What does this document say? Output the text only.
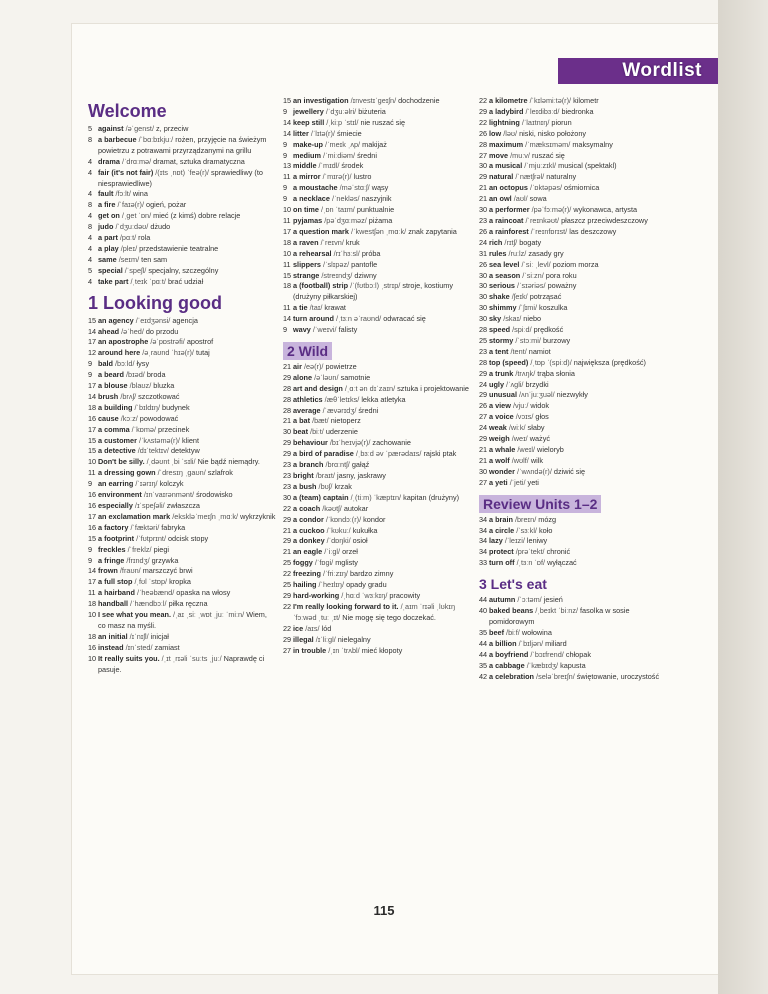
Wordlist
Welcome

5 against /əˈgenst/ z, przeciw

8 a barbecue /ˈbɑːbɪkjuː/ rożen, przyjęcie na świeżym powietrzu z potrawami przyrządzanymi na grillu

4 drama /ˈdrɑːmə/ dramat, sztuka dramatyczna

4 fair (it's not fair) /(ɪts ˌnɒt) ˈfeə(r)/ sprawiedliwy (to niesprawiedliwe)

4 fault /fɔːlt/ wina

8 a fire /ˈfaɪə(r)/ ogień, pożar

4 get on /ˌget ˈɒn/ mieć (z kimś) dobre relacje

8 judo /ˈdʒuːdəʊ/ dżudo

4 a part /pɑːt/ rola

4 a play /pleɪ/ przedstawienie teatralne

4 same /seɪm/ ten sam

5 special /ˈspeʃl/ specjalny, szczególny

4 take part /ˌteɪk ˈpɑːt/ brać udział

1 Looking good

15 an agency /ˈeɪdʒənsi/ agencja

14 ahead /əˈhed/ do przodu

17 an apostrophe /əˈpɒstrəfi/ apostrof

12 around here /əˌraʊnd ˈhɪə(r)/ tutaj

9 bald /bɔːld/ łysy

9 a beard /bɪəd/ broda

17 a blouse /blaʊz/ bluzka

14 brush /brʌʃ/ szczotkować

18 a building /ˈbɪldɪŋ/ budynek

16 cause /kɔːz/ powodować

17 a comma /ˈkɒmə/ przecinek

15 a customer /ˈkʌstəmə(r)/ klient

15 a detective /dɪˈtektɪv/ detektyw

10 Don't be silly. /ˌdəʊnt ˌbi ˈsɪli/ Nie bądź niemądry.

11 a dressing gown /ˈdresɪŋ ˌgaʊn/ szlafrok

9 an earring /ˈɪərɪŋ/ kolczyk

16 environment /ɪnˈvaɪrənmənt/ środowisko

16 especially /ɪˈspeʃəli/ zwłaszcza

17 an exclamation mark /ekskləˈmeɪʃn ˌmɑːk/ wykrzyknik

16 a factory /ˈfæktəri/ fabryka

15 a footprint /ˈfʊtprɪnt/ odcisk stopy

9 freckles /ˈfreklz/ piegi

9 a fringe /frɪndʒ/ grzywka

14 frown /fraʊn/ marszczyć brwi

17 a full stop /ˌfʊl ˈstɒp/ kropka

11 a hairband /ˈheəbænd/ opaska na włosy

18 handball /ˈhændbɔːl/ piłka ręczna

10 I see what you mean. /ˌaɪ ˌsiː ˌwɒt ˌjuː ˈmiːn/ Wiem, co masz na myśli.

18 an initial /ɪˈnɪʃl/ inicjał

16 instead /ɪnˈsted/ zamiast

10 It really suits you. /ˌɪt ˌrɪəli ˈsuːts ˌjuː/ Naprawdę ci pasuje.

15 an investigation /ɪnvestɪˈgeɪʃn/ dochodzenie

9 jewellery /ˈdʒuːəlri/ biżuteria

14 keep still /ˌkiːp ˈstɪl/ nie ruszać się

14 litter /ˈlɪtə(r)/ śmiecie

9 make-up /ˈmeɪk ˌʌp/ makijaż

9 medium /ˈmiːdiəm/ średni

13 middle /ˈmɪdl/ środek

11 a mirror /ˈmɪrə(r)/ lustro

9 a moustache /məˈstɑːʃ/ wąsy

9 a necklace /ˈnekləs/ naszyjnik

10 on time /ˌɒn ˈtaɪm/ punktualnie

11 pyjamas /pəˈdʒɑːməz/ piżama

17 a question mark /ˈkwestʃən ˌmɑːk/ znak zapytania

18 a raven /ˈreɪvn/ kruk

10 a rehearsal /rɪˈhɜːsl/ próba

11 slippers /ˈslɪpəz/ pantofle

15 strange /streɪndʒ/ dziwny

18 a (football) strip /ˈ(fʊtbɔːl) ˌstrɪp/ stroje, kostiumy (drużyny piłkarskiej)

11 a tie /taɪ/ krawat

14 turn around /ˌtɜːn əˈraʊnd/ odwracać się

9 wavy /ˈweɪvi/ falisty

2 Wild

21 air /eə(r)/ powietrze

29 alone /əˈləʊn/ samotnie

28 art and design /ˌɑːt ən dɪˈzaɪn/ sztuka i projektowanie

28 athletics /æθˈletɪks/ lekka atletyka

28 average /ˈævərɪdʒ/ średni

21 a bat /bæt/ nietoperz

30 beat /biːt/ uderzenie

29 behaviour /bɪˈheɪvjə(r)/ zachowanie

29 a bird of paradise /ˌbɜːd əv ˈpærədaɪs/ rajski ptak

23 a branch /brɑːntʃ/ gałąź

23 bright /braɪt/ jasny, jaskrawy

23 a bush /bʊʃ/ krzak

30 a (team) captain /ˌ(tiːm) ˈkæptɪn/ kapitan (drużyny)

22 a coach /kəʊtʃ/ autokar

29 a condor /ˈkɒndɔː(r)/ kondor

21 a cuckoo /ˈkʊkuː/ kukułka

29 a donkey /ˈdɒŋki/ osioł

21 an eagle /ˈiːgl/ orzeł

25 foggy /ˈfɒgi/ mglisty

22 freezing /ˈfriːzɪŋ/ bardzo zimny

25 hailing /ˈheɪlɪŋ/ opady gradu

29 hard-working /ˌhɑːd ˈwɜːkɪŋ/ pracowity

22 I'm really looking forward to it. /ˌaɪm ˈrɪəli ˌlʊkɪŋ ˈfɔːwəd ˌtuː ˌɪt/ Nie mogę się tego doczekać.

22 ice /aɪs/ lód

29 illegal /ɪˈliːgl/ nielegalny

27 in trouble /ˌɪn ˈtrʌbl/ mieć kłopoty

22 a kilometre /ˈkɪləmiːtə(r)/ kilometr

29 a ladybird /ˈleɪdibɜːd/ biedronka

22 lightning /ˈlaɪtnɪŋ/ piorun

26 low /ləʊ/ niski, nisko położony

28 maximum /ˈmæksɪməm/ maksymalny

27 move /muːv/ ruszać się

30 a musical /ˈmjuːzɪkl/ musical (spektakl)

29 natural /ˈnætʃrəl/ naturalny

21 an octopus /ˈɒktəpəs/ ośmiornica

21 an owl /aʊl/ sowa

30 a performer /pəˈfɔːmə(r)/ wykonawca, artysta

23 a raincoat /ˈreɪnkəʊt/ płaszcz przeciwdeszczowy

26 a rainforest /ˈreɪnfɒrɪst/ las deszczowy

24 rich /rɪtʃ/ bogaty

31 rules /ruːlz/ zasady gry

26 sea level /ˈsiː ˌlevl/ poziom morza

30 a season /ˈsiːzn/ pora roku

30 serious /ˈsɪəriəs/ poważny

30 shake /ʃeɪk/ potrząsać

30 shimmy /ˈʃɪmi/ koszulka

30 sky /skaɪ/ niebo

28 speed /spiːd/ prędkość

25 stormy /ˈstɔːmi/ burzowy

23 a tent /tent/ namiot

28 top (speed) /ˌtɒp ˈ(spiːd)/ największa (prędkość)

29 a trunk /trʌŋk/ trąba słonia

24 ugly /ˈʌgli/ brzydki

29 unusual /ʌnˈjuːʒuəl/ niezwykły

26 a view /vjuː/ widok

27 a voice /vɔɪs/ głos

24 weak /wiːk/ słaby

29 weigh /weɪ/ ważyć

21 a whale /weɪl/ wieloryb

21 a wolf /wʊlf/ wilk

30 wonder /ˈwʌndə(r)/ dziwić się

27 a yeti /ˈjeti/ yeti

Review Units 1–2

34 a brain /breɪn/ mózg

34 a circle /ˈsɜːkl/ koło

34 lazy /ˈleɪzi/ leniwy

34 protect /prəˈtekt/ chronić

33 turn off /ˌtɜːn ˈɒf/ wyłączać

3 Let's eat

44 autumn /ˈɔːtəm/ jesień

40 baked beans /ˌbeɪkt ˈbiːnz/ fasolka w sosie pomidorowym

35 beef /biːf/ wołowina

44 a billion /ˈbɪljən/ miliard

44 a boyfriend /ˈbɔɪfrend/ chłopak

35 a cabbage /ˈkæbɪdʒ/ kapusta

42 a celebration /seləˈbreɪʃn/ świętowanie, uroczystość

115
